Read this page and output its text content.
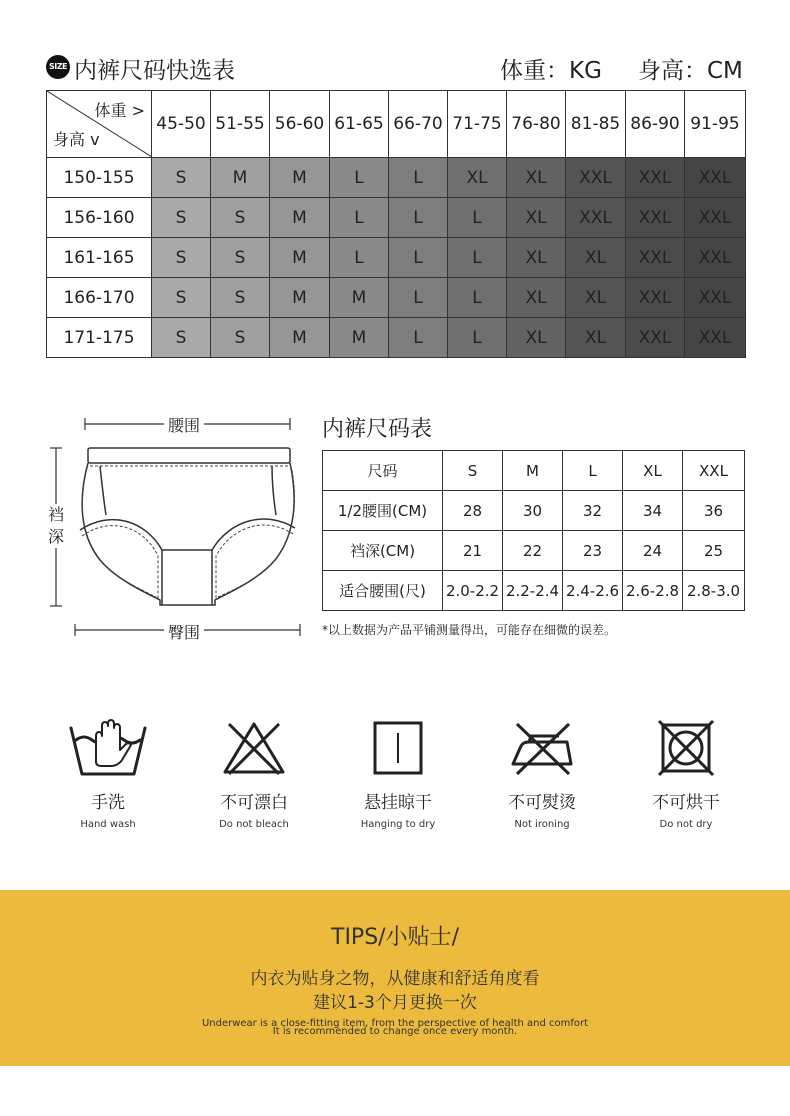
SIZE 内裤尺码快选表	体重：KG 身高：CM
体重 >
身高 v	45-50	51-55	56-60	61-65	66-70	71-75	76-80	81-85	86-90	91-95
150-155	S	M	M	L	L	XL	XL	XXL	XXL	XXL
156-160	S	S	M	L	L	L	XL	XXL	XXL	XXL
161-165	S	S	M	L	L	L	XL	XL	XXL	XXL
166-170	S	S	M	M	L	L	XL	XL	XXL	XXL
171-175	S	S	M	M	L	L	XL	XL	XXL	XXL
腰围
臀围
裆深
内裤尺码表
尺码	S	M	L	XL	XXL
1/2腰围(CM)	28	30	32	34	36
裆深(CM)	21	22	23	24	25
适合腰围(尺)	2.0-2.2	2.2-2.4	2.4-2.6	2.6-2.8	2.8-3.0
*以上数据为产品平铺测量得出，可能存在细微的误差。
手洗
Hand wash
不可漂白
Do not bleach
悬挂晾干
Hanging to dry
不可熨烫
Not ironing
不可烘干
Do not dry
TIPS/小贴士/
内衣为贴身之物，从健康和舒适角度看
建议1-3个月更换一次
Underwear is a close-fitting item, from the perspective of health and comfort
It is recommended to change once every month.
